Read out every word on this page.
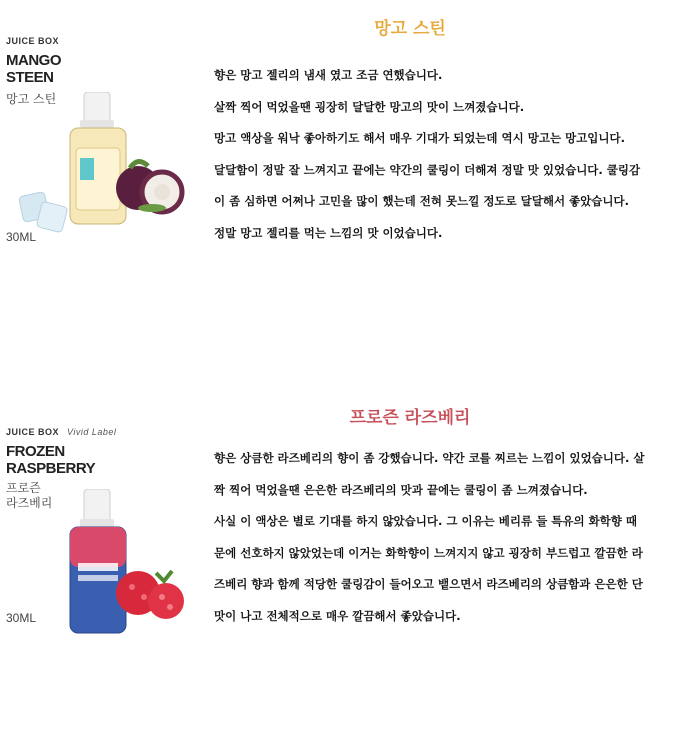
JUICE BOX
MANGO
STEEN
망고 스틴
30ML
망고 스틴

향은 망고 젤리의 냄새 였고 조금 연했습니다.

살짝 찍어 먹었을땐 굉장히 달달한 망고의 맛이 느껴졌습니다.

망고 액상을 워낙 좋아하기도 해서 매우 기대가 되었는데 역시 망고는 망고입니다.

달달함이 정말 잘 느껴지고 끝에는 약간의 쿨링이 더해져 정말 맛 있었습니다. 쿨링감이 좀 심하면 어쩌나 고민을 많이 했는데 전혀 못느낄 정도로 달달해서 좋았습니다.

정말 망고 젤리를 먹는 느낌의 맛 이었습니다.

JUICE BOX Vivid Label
FROZEN
RASPBERRY
프로즌
라즈베리
30ML
프로즌 라즈베리

향은 상큼한 라즈베리의 향이 좀 강했습니다. 약간 코를 찌르는 느낌이 있었습니다. 살짝 찍어 먹었을땐 은은한 라즈베리의 맛과 끝에는 쿨링이 좀 느껴졌습니다.

사실 이 액상은 별로 기대를 하지 않았습니다. 그 이유는 베리류 들 특유의 화학향 때문에 선호하지 않았었는데 이거는 화학향이 느껴지지 않고 굉장히 부드럽고 깔끔한 라즈베리 향과 함께 적당한 쿨링감이 들어오고 뱉으면서 라즈베리의 상큼함과 은은한 단맛이 나고 전체적으로 매우 깔끔해서 좋았습니다.
